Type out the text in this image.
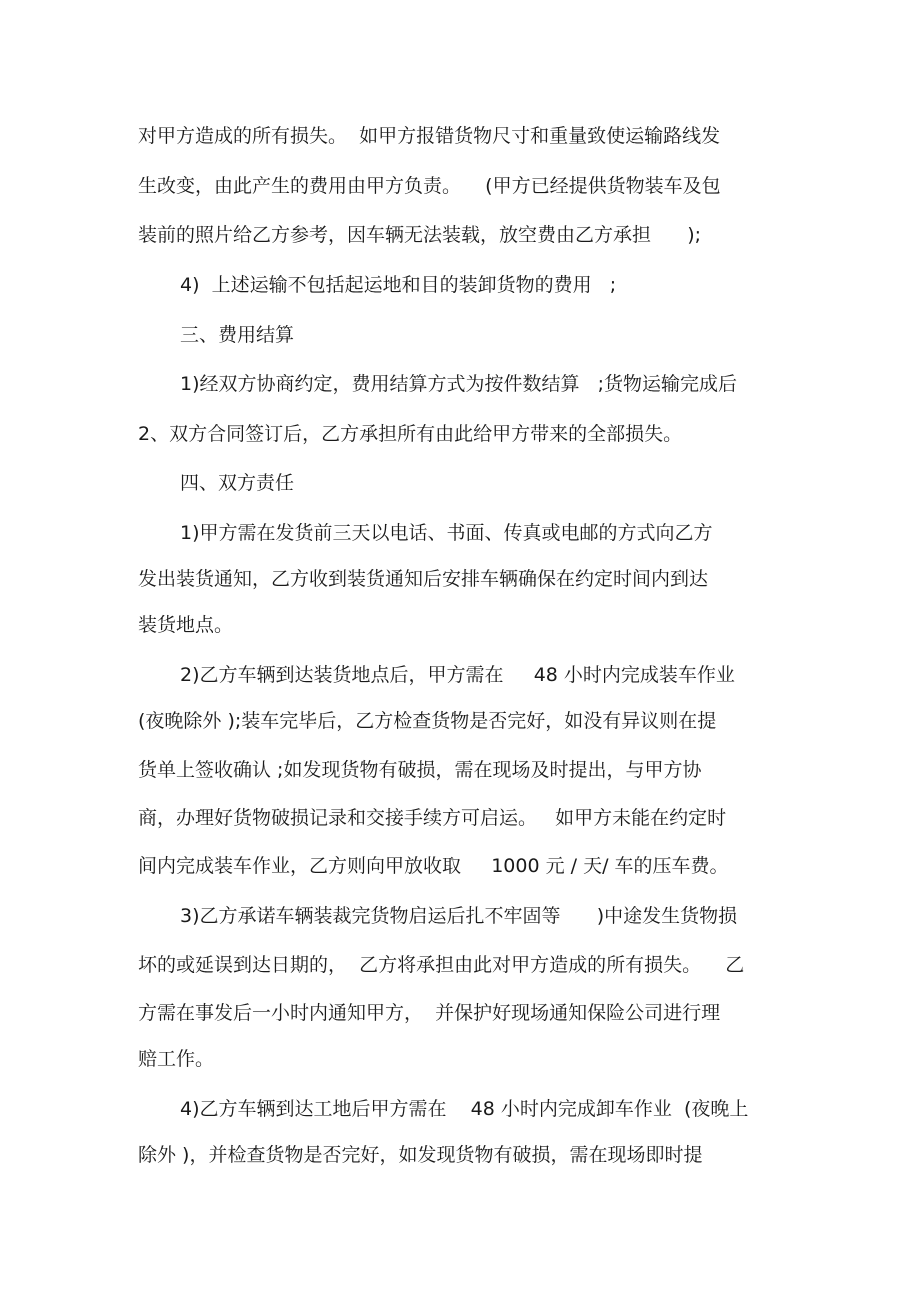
对甲方造成的所有损失。  如甲方报错货物尺寸和重量致使运输路线发

生改变，由此产生的费用由甲方负责。    (甲方已经提供货物装车及包

装前的照片给乙方参考，因车辆无法装载，放空费由乙方承担      );

4)  上述运输不包括起运地和目的装卸货物的费用   ;

三、费用结算

1)经双方协商约定，费用结算方式为按件数结算   ;货物运输完成后

2、双方合同签订后，乙方承担所有由此给甲方带来的全部损失。

四、双方责任

1)甲方需在发货前三天以电话、书面、传真或电邮的方式向乙方

发出装货通知，乙方收到装货通知后安排车辆确保在约定时间内到达

装货地点。

2)乙方车辆到达装货地点后，甲方需在     48 小时内完成装车作业

(夜晚除外 );装车完毕后，乙方检查货物是否完好，如没有异议则在提

货单上签收确认 ;如发现货物有破损，需在现场及时提出，与甲方协

商，办理好货物破损记录和交接手续方可启运。   如甲方未能在约定时

间内完成装车作业，乙方则向甲放收取     1000 元 / 天/ 车的压车费。

3)乙方承诺车辆装裁完货物启运后扎不牢固等      )中途发生货物损

坏的或延误到达日期的，  乙方将承担由此对甲方造成的所有损失。    乙

方需在事发后一小时内通知甲方，  并保护好现场通知保险公司进行理

赔工作。

4)乙方车辆到达工地后甲方需在    48 小时内完成卸车作业  (夜晚上

除外 )，并检查货物是否完好，如发现货物有破损，需在现场即时提
